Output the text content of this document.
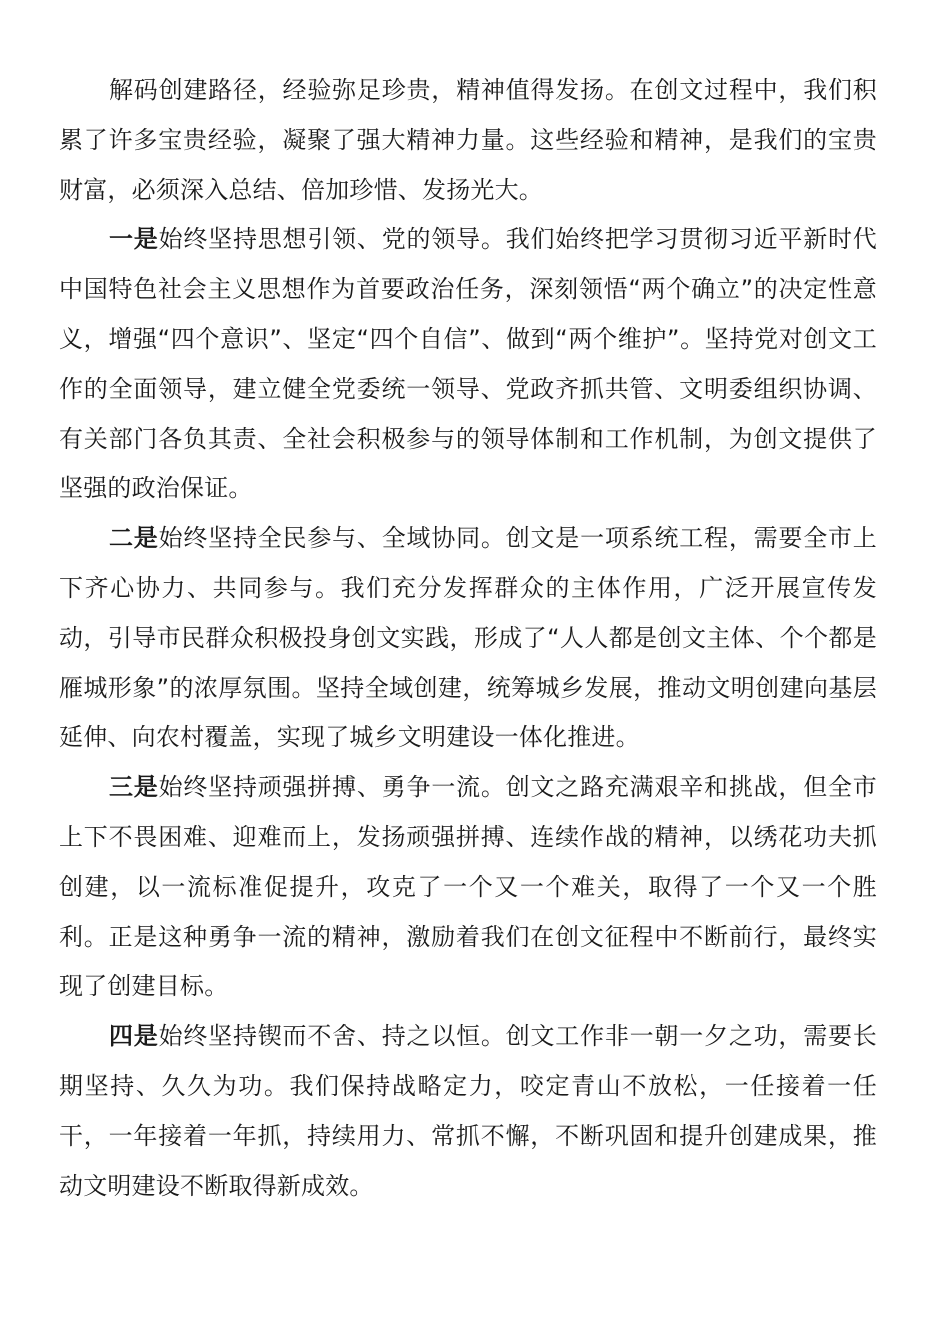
解码创建路径，经验弥足珍贵，精神值得发扬。在创文过程中，我们积累了许多宝贵经验，凝聚了强大精神力量。这些经验和精神，是我们的宝贵财富，必须深入总结、倍加珍惜、发扬光大。

一是始终坚持思想引领、党的领导。我们始终把学习贯彻习近平新时代中国特色社会主义思想作为首要政治任务，深刻领悟“两个确立”的决定性意义，增强“四个意识”、坚定“四个自信”、做到“两个维护”。坚持党对创文工作的全面领导，建立健全党委统一领导、党政齐抓共管、文明委组织协调、有关部门各负其责、全社会积极参与的领导体制和工作机制，为创文提供了坚强的政治保证。

二是始终坚持全民参与、全域协同。创文是一项系统工程，需要全市上下齐心协力、共同参与。我们充分发挥群众的主体作用，广泛开展宣传发动，引导市民群众积极投身创文实践，形成了“人人都是创文主体、个个都是雁城形象”的浓厚氛围。坚持全域创建，统筹城乡发展，推动文明创建向基层延伸、向农村覆盖，实现了城乡文明建设一体化推进。

三是始终坚持顽强拼搏、勇争一流。创文之路充满艰辛和挑战，但全市上下不畏困难、迎难而上，发扬顽强拼搏、连续作战的精神，以绣花功夫抓创建，以一流标准促提升，攻克了一个又一个难关，取得了一个又一个胜利。正是这种勇争一流的精神，激励着我们在创文征程中不断前行，最终实现了创建目标。

四是始终坚持锲而不舍、持之以恒。创文工作非一朝一夕之功，需要长期坚持、久久为功。我们保持战略定力，咬定青山不放松，一任接着一任干，一年接着一年抓，持续用力、常抓不懈，不断巩固和提升创建成果，推动文明建设不断取得新成效。
